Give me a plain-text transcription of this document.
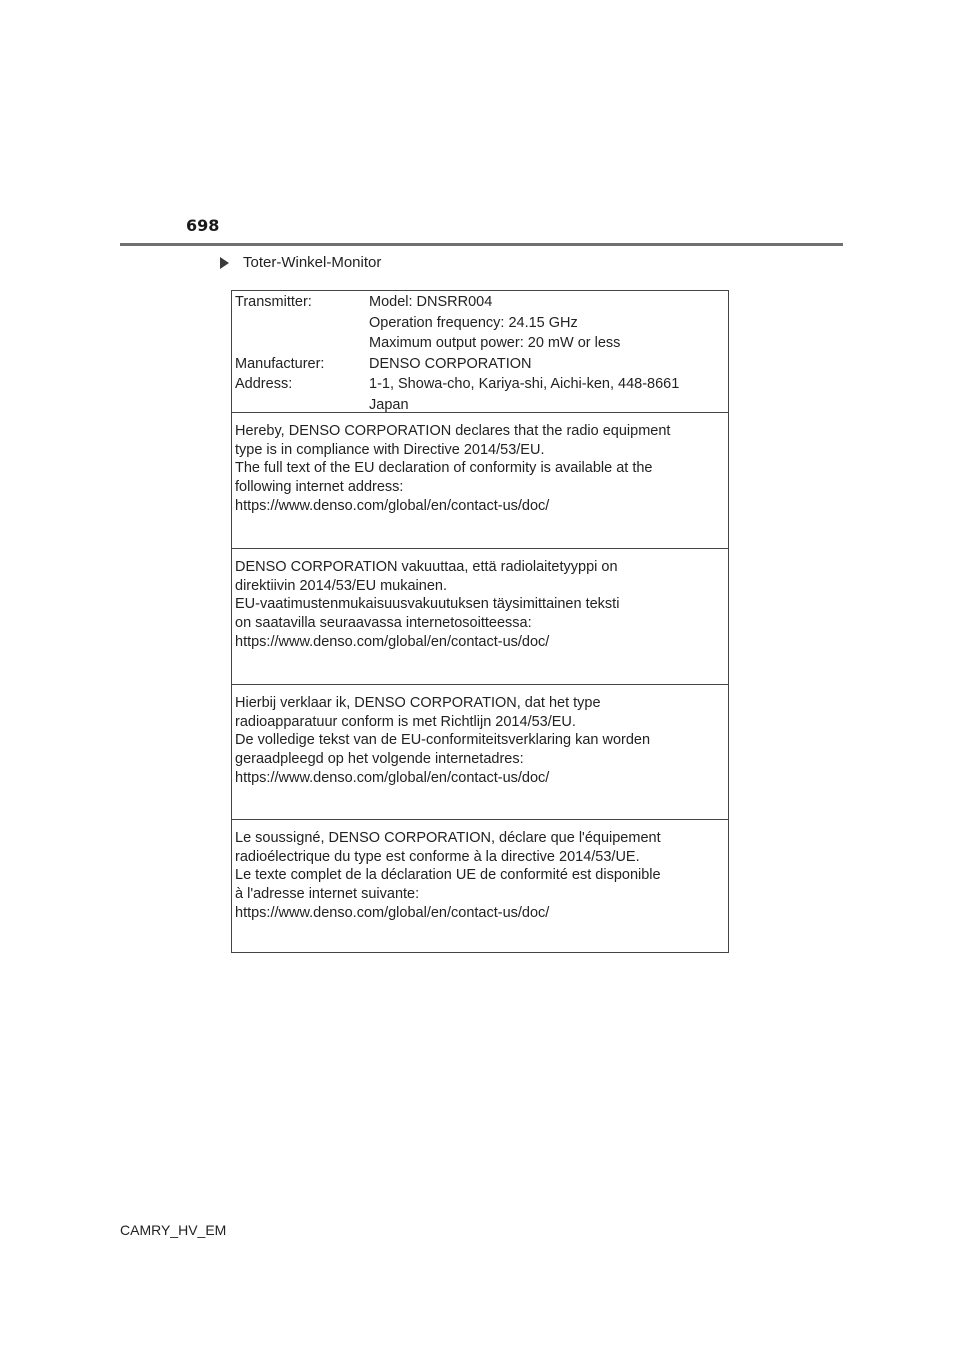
698
Toter-Winkel-Monitor
Transmitter:	Model: DNSRR004
Operation frequency: 24.15 GHz
Maximum output power: 20 mW or less
Manufacturer:	DENSO CORPORATION
Address:	1-1, Showa-cho, Kariya-shi, Aichi-ken, 448-8661
Japan
Hereby, DENSO CORPORATION declares that the radio equipment
type is in compliance with Directive 2014/53/EU.
The full text of the EU declaration of conformity is available at the
following internet address:
https://www.denso.com/global/en/contact-us/doc/
DENSO CORPORATION vakuuttaa, että radiolaitetyyppi on
direktiivin 2014/53/EU mukainen.
EU-vaatimustenmukaisuusvakuutuksen täysimittainen teksti
on saatavilla seuraavassa internetosoitteessa:
https://www.denso.com/global/en/contact-us/doc/
Hierbij verklaar ik, DENSO CORPORATION, dat het type
radioapparatuur conform is met Richtlijn 2014/53/EU.
De volledige tekst van de EU-conformiteitsverklaring kan worden
geraadpleegd op het volgende internetadres:
https://www.denso.com/global/en/contact-us/doc/
Le soussigné, DENSO CORPORATION, déclare que l'équipement
radioélectrique du type est conforme à la directive 2014/53/UE.
Le texte complet de la déclaration UE de conformité est disponible
à l'adresse internet suivante:
https://www.denso.com/global/en/contact-us/doc/
CAMRY_HV_EM
